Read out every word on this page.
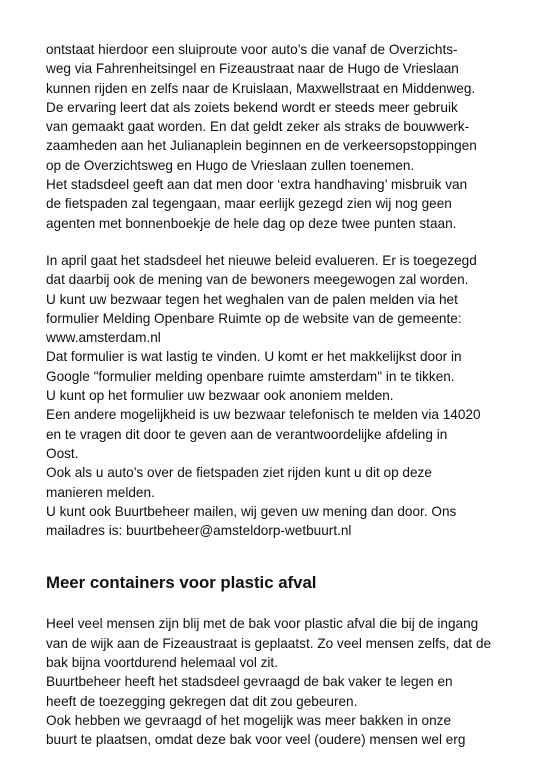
ontstaat hierdoor een sluiproute voor auto’s die vanaf de Overzichts-
weg via Fahrenheitsingel en Fizeaustraat naar de Hugo de Vrieslaan
kunnen rijden en zelfs naar de Kruislaan, Maxwellstraat en Middenweg.
De ervaring leert dat als zoiets bekend wordt er steeds meer gebruik
van gemaakt gaat worden. En dat geldt zeker als straks de bouwwerk-
zaamheden aan het Julianaplein beginnen en de verkeersopstoppingen
op de Overzichtsweg en Hugo de Vrieslaan zullen toenemen.
Het stadsdeel geeft aan dat men door ‘extra handhaving’ misbruik van
de fietspaden zal tegengaan, maar eerlijk gezegd zien wij nog geen
agenten met bonnenboekje de hele dag op deze twee punten staan.

In april gaat het stadsdeel het nieuwe beleid evalueren. Er is toegezegd
dat daarbij ook de mening van de bewoners meegewogen zal worden.
U kunt uw bezwaar tegen het weghalen van de palen melden via het
formulier Melding Openbare Ruimte op de website van de gemeente:
www.amsterdam.nl
Dat formulier is wat lastig te vinden. U komt er het makkelijkst door in
Google "formulier melding openbare ruimte amsterdam" in te tikken.
U kunt op het formulier uw bezwaar ook anoniem melden.
Een andere mogelijkheid is uw bezwaar telefonisch te melden via 14020
en te vragen dit door te geven aan de verantwoordelijke afdeling in
Oost.
Ook als u auto’s over de fietspaden ziet rijden kunt u dit op deze
manieren melden.
U kunt ook Buurtbeheer mailen, wij geven uw mening dan door. Ons
mailadres is: buurtbeheer@amsteldorp-wetbuurt.nl

Meer containers voor plastic afval

Heel veel mensen zijn blij met de bak voor plastic afval die bij de ingang
van de wijk aan de Fizeaustraat is geplaatst. Zo veel mensen zelfs, dat de
bak bijna voortdurend helemaal vol zit.
Buurtbeheer heeft het stadsdeel gevraagd de bak vaker te legen en
heeft de toezegging gekregen dat dit zou gebeuren.
Ook hebben we gevraagd of het mogelijk was meer bakken in onze
buurt te plaatsen, omdat deze bak voor veel (oudere) mensen wel erg
